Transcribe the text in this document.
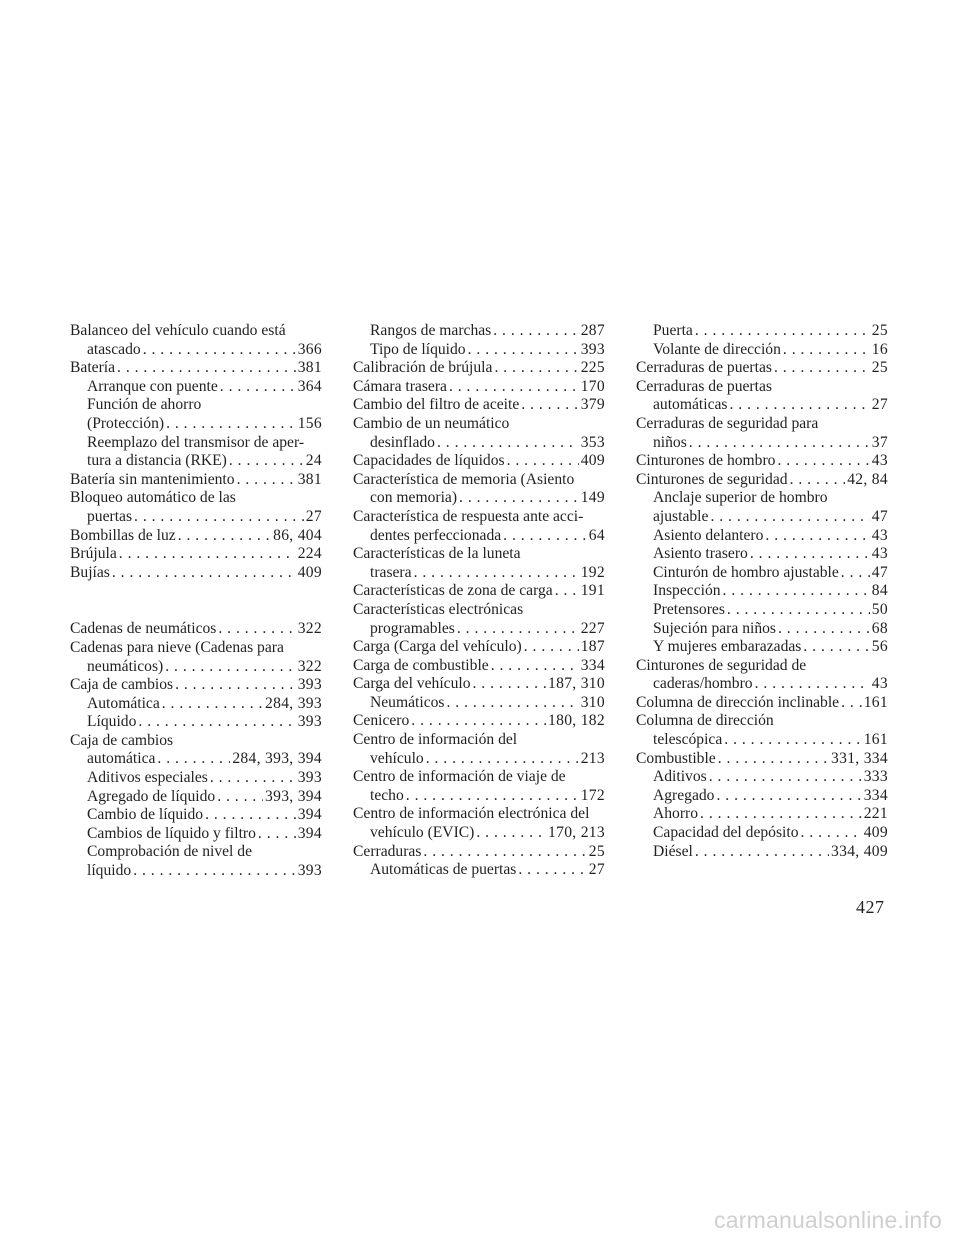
Balanceo del vehículo cuando está
atascado . . .	366
Batería . . .	381
Arranque con puente . . .	364
Función de ahorro
(Protección) . . .	156
Reemplazo del transmisor de aper-
tura a distancia (RKE) . . .	24
Batería sin mantenimiento . . .	381
Bloqueo automático de las
puertas . . .	27
Bombillas de luz . . .	86, 404
Brújula . . .	224
Bujías . . .	409
Cadenas de neumáticos . . .	322
Cadenas para nieve (Cadenas para
neumáticos) . . .	322
Caja de cambios . . .	393
Automática . . .	284, 393
Líquido . . .	393
Caja de cambios
automática . . .	284, 393, 394
Aditivos especiales . . .	393
Agregado de líquido . . .	393, 394
Cambio de líquido . . .	394
Cambios de líquido y filtro . . .	394
Comprobación de nivel de
líquido . . .	393
Rangos de marchas . . .	287
Tipo de líquido . . .	393
Calibración de brújula . . .	225
Cámara trasera . . .	170
Cambio del filtro de aceite . . .	379
Cambio de un neumático
desinflado . . .	353
Capacidades de líquidos . . .	409
Característica de memoria (Asiento
con memoria) . . .	149
Característica de respuesta ante acci-
dentes perfeccionada . . .	64
Características de la luneta
trasera . . .	192
Características de zona de carga . . . 191
Características electrónicas
programables . . .	227
Carga (Carga del vehículo) . . .	187
Carga de combustible . . .	334
Carga del vehículo . . .	187, 310
Neumáticos . . .	310
Cenicero . . .	180, 182
Centro de información del
vehículo . . .	213
Centro de información de viaje de
techo . . .	172
Centro de información electrónica del
vehículo (EVIC) . . .	170, 213
Cerraduras . . .	25
Automáticas de puertas . . .	27
Puerta . . .	25
Volante de dirección . . .	16
Cerraduras de puertas . . .	25
Cerraduras de puertas
automáticas . . .	27
Cerraduras de seguridad para
niños . . .	37
Cinturones de hombro . . .	43
Cinturones de seguridad . . .	42, 84
Anclaje superior de hombro
ajustable . . .	47
Asiento delantero . . .	43
Asiento trasero . . .	43
Cinturón de hombro ajustable . . . 47
Inspección . . .	84
Pretensores . . .	50
Sujeción para niños . . .	68
Y mujeres embarazadas . . .	56
Cinturones de seguridad de
caderas/hombro . . .	43
Columna de dirección inclinable . . . 161
Columna de dirección
telescópica . . .	161
Combustible . . .	331, 334
Aditivos . . .	333
Agregado . . .	334
Ahorro . . .	221
Capacidad del depósito . . .	409
Diésel . . .	334, 409
427
carmanualsonline.info
